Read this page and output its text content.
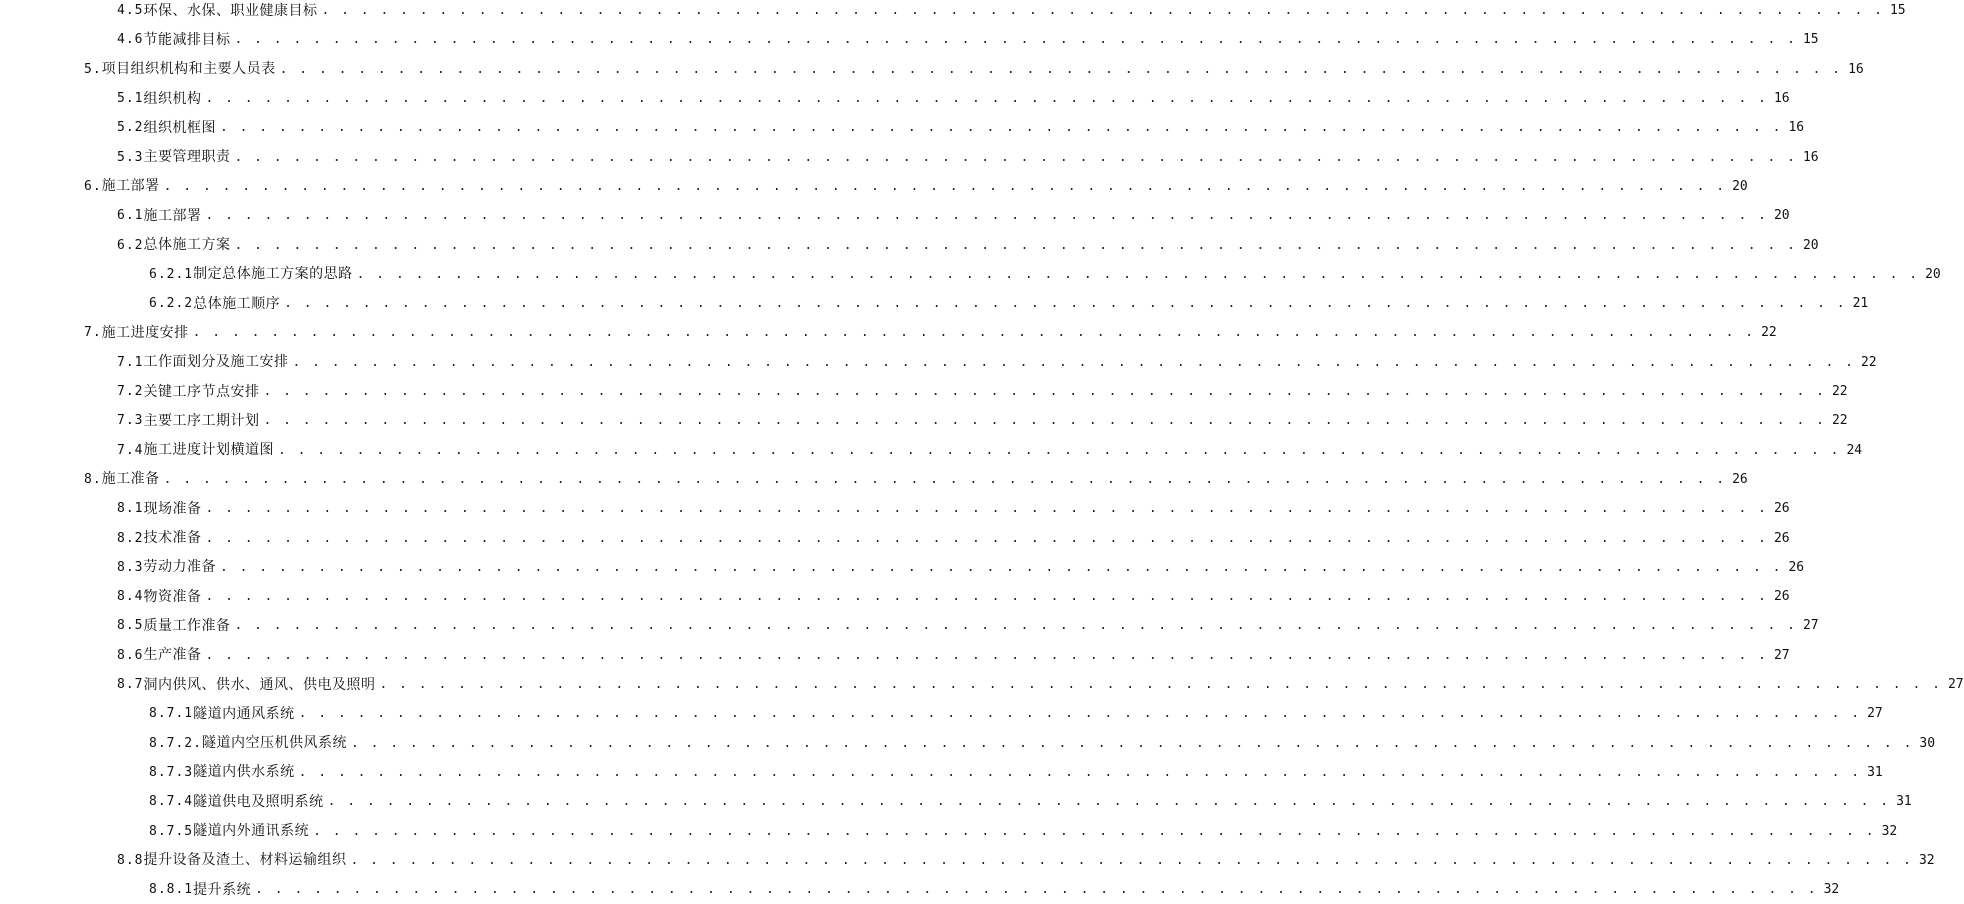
4.5 环保、水保、职业健康目标 . . . . . . . . . . . . . . . . . . . . . . . . . . . . . . . . . . . . . . . . . . . . . . . . . . . . . . . . . . . . . . . . . . . . . . . . . . . . . . . . 15
4.6 节能减排目标 . . . . . . . . . . . . . . . . . . . . . . . . . . . . . . . . . . . . . . . . . . . . . . . . . . . . . . . . . . . . . . . . . . . . . . . . . . . . . . . . 15
5. 项目组织机构和主要人员表 . . . . . . . . . . . . . . . . . . . . . . . . . . . . . . . . . . . . . . . . . . . . . . . . . . . . . . . . . . . . . . . . . . . . . . . . . . . . . . . . 16
5.1 组织机构 . . . . . . . . . . . . . . . . . . . . . . . . . . . . . . . . . . . . . . . . . . . . . . . . . . . . . . . . . . . . . . . . . . . . . . . . . . . . . . . . 16
5.2 组织机框图 . . . . . . . . . . . . . . . . . . . . . . . . . . . . . . . . . . . . . . . . . . . . . . . . . . . . . . . . . . . . . . . . . . . . . . . . . . . . . . . . 16
5.3 主要管理职责 . . . . . . . . . . . . . . . . . . . . . . . . . . . . . . . . . . . . . . . . . . . . . . . . . . . . . . . . . . . . . . . . . . . . . . . . . . . . . . . . 16
6. 施工部署 . . . . . . . . . . . . . . . . . . . . . . . . . . . . . . . . . . . . . . . . . . . . . . . . . . . . . . . . . . . . . . . . . . . . . . . . . . . . . . . . 20
6.1 施工部署 . . . . . . . . . . . . . . . . . . . . . . . . . . . . . . . . . . . . . . . . . . . . . . . . . . . . . . . . . . . . . . . . . . . . . . . . . . . . . . . . 20
6.2 总体施工方案 . . . . . . . . . . . . . . . . . . . . . . . . . . . . . . . . . . . . . . . . . . . . . . . . . . . . . . . . . . . . . . . . . . . . . . . . . . . . . . . . 20
6.2.1 制定总体施工方案的思路 . . . . . . . . . . . . . . . . . . . . . . . . . . . . . . . . . . . . . . . . . . . . . . . . . . . . . . . . . . . . . . . . . . . . . . . . . . . . . . . . 20
6.2.2 总体施工顺序 . . . . . . . . . . . . . . . . . . . . . . . . . . . . . . . . . . . . . . . . . . . . . . . . . . . . . . . . . . . . . . . . . . . . . . . . . . . . . . . . 21
7. 施工进度安排 . . . . . . . . . . . . . . . . . . . . . . . . . . . . . . . . . . . . . . . . . . . . . . . . . . . . . . . . . . . . . . . . . . . . . . . . . . . . . . . . 22
7.1 工作面划分及施工安排 . . . . . . . . . . . . . . . . . . . . . . . . . . . . . . . . . . . . . . . . . . . . . . . . . . . . . . . . . . . . . . . . . . . . . . . . . . . . . . . . 22
7.2 关键工序节点安排 . . . . . . . . . . . . . . . . . . . . . . . . . . . . . . . . . . . . . . . . . . . . . . . . . . . . . . . . . . . . . . . . . . . . . . . . . . . . . . . . 22
7.3 主要工序工期计划 . . . . . . . . . . . . . . . . . . . . . . . . . . . . . . . . . . . . . . . . . . . . . . . . . . . . . . . . . . . . . . . . . . . . . . . . . . . . . . . . 22
7.4 施工进度计划横道图 . . . . . . . . . . . . . . . . . . . . . . . . . . . . . . . . . . . . . . . . . . . . . . . . . . . . . . . . . . . . . . . . . . . . . . . . . . . . . . . . 24
8. 施工准备 . . . . . . . . . . . . . . . . . . . . . . . . . . . . . . . . . . . . . . . . . . . . . . . . . . . . . . . . . . . . . . . . . . . . . . . . . . . . . . . . 26
8.1 现场准备 . . . . . . . . . . . . . . . . . . . . . . . . . . . . . . . . . . . . . . . . . . . . . . . . . . . . . . . . . . . . . . . . . . . . . . . . . . . . . . . . 26
8.2 技术准备 . . . . . . . . . . . . . . . . . . . . . . . . . . . . . . . . . . . . . . . . . . . . . . . . . . . . . . . . . . . . . . . . . . . . . . . . . . . . . . . . 26
8.3 劳动力准备 . . . . . . . . . . . . . . . . . . . . . . . . . . . . . . . . . . . . . . . . . . . . . . . . . . . . . . . . . . . . . . . . . . . . . . . . . . . . . . . . 26
8.4 物资准备 . . . . . . . . . . . . . . . . . . . . . . . . . . . . . . . . . . . . . . . . . . . . . . . . . . . . . . . . . . . . . . . . . . . . . . . . . . . . . . . . 26
8.5 质量工作准备 . . . . . . . . . . . . . . . . . . . . . . . . . . . . . . . . . . . . . . . . . . . . . . . . . . . . . . . . . . . . . . . . . . . . . . . . . . . . . . . . 27
8.6 生产准备 . . . . . . . . . . . . . . . . . . . . . . . . . . . . . . . . . . . . . . . . . . . . . . . . . . . . . . . . . . . . . . . . . . . . . . . . . . . . . . . . 27
8.7 洞内供风、供水、通风、供电及照明 . . . . . . . . . . . . . . . . . . . . . . . . . . . . . . . . . . . . . . . . . . . . . . . . . . . . . . . . . . . . . . . . . . . . . . . . . . . . . . . . 27
8.7.1 隧道内通风系统 . . . . . . . . . . . . . . . . . . . . . . . . . . . . . . . . . . . . . . . . . . . . . . . . . . . . . . . . . . . . . . . . . . . . . . . . . . . . . . . . 27
8.7.2. 隧道内空压机供风系统 . . . . . . . . . . . . . . . . . . . . . . . . . . . . . . . . . . . . . . . . . . . . . . . . . . . . . . . . . . . . . . . . . . . . . . . . . . . . . . . . 30
8.7.3 隧道内供水系统 . . . . . . . . . . . . . . . . . . . . . . . . . . . . . . . . . . . . . . . . . . . . . . . . . . . . . . . . . . . . . . . . . . . . . . . . . . . . . . . . 31
8.7.4 隧道供电及照明系统 . . . . . . . . . . . . . . . . . . . . . . . . . . . . . . . . . . . . . . . . . . . . . . . . . . . . . . . . . . . . . . . . . . . . . . . . . . . . . . . . 31
8.7.5 隧道内外通讯系统 . . . . . . . . . . . . . . . . . . . . . . . . . . . . . . . . . . . . . . . . . . . . . . . . . . . . . . . . . . . . . . . . . . . . . . . . . . . . . . . . 32
8.8 提升设备及渣土、材料运输组织 . . . . . . . . . . . . . . . . . . . . . . . . . . . . . . . . . . . . . . . . . . . . . . . . . . . . . . . . . . . . . . . . . . . . . . . . . . . . . . . . 32
8.8.1 提升系统 . . . . . . . . . . . . . . . . . . . . . . . . . . . . . . . . . . . . . . . . . . . . . . . . . . . . . . . . . . . . . . . . . . . . . . . . . . . . . . . . 32
